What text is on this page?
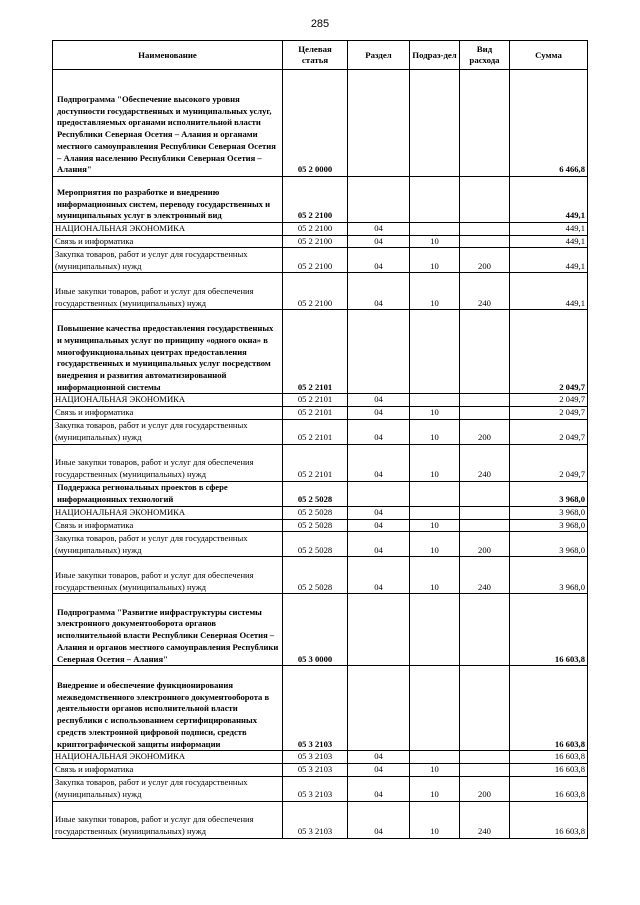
285
Наименование	Целевая статья	Раздел	Подраз-дел	Вид расхода	Сумма
Подпрограмма "Обеспечение высокого уровня доступности государственных и муниципальных услуг, предоставляемых органами исполнительной власти Республики Северная Осетия – Алания и органами местного самоуправления Республики Северная Осетия – Алания населению Республики Северная Осетия – Алания"	05 2 0000				6 466,8
Мероприятия по разработке и внедрению информационных систем, переводу государственных и муниципальных услуг в электронный вид	05 2 2100				449,1
НАЦИОНАЛЬНАЯ ЭКОНОМИКА	05 2 2100	04			449,1
Связь и информатика	05 2 2100	04	10		449,1
Закупка товаров, работ и услуг для государственных (муниципальных) нужд	05 2 2100	04	10	200	449,1
Иные закупки товаров, работ и услуг для обеспечения государственных (муниципальных) нужд	05 2 2100	04	10	240	449,1
Повышение качества предоставления государственных и муниципальных услуг по принципу «одного окна» в многофункциональных центрах предоставления государственных и муниципальных услуг посредством внедрения и развития автоматизированной информационной системы	05 2 2101				2 049,7
НАЦИОНАЛЬНАЯ ЭКОНОМИКА	05 2 2101	04			2 049,7
Связь и информатика	05 2 2101	04	10		2 049,7
Закупка товаров, работ и услуг для государственных (муниципальных) нужд	05 2 2101	04	10	200	2 049,7
Иные закупки товаров, работ и услуг для обеспечения государственных (муниципальных) нужд	05 2 2101	04	10	240	2 049,7
Поддержка региональных проектов в сфере информационных технологий	05 2 5028				3 968,0
НАЦИОНАЛЬНАЯ ЭКОНОМИКА	05 2 5028	04			3 968,0
Связь и информатика	05 2 5028	04	10		3 968,0
Закупка товаров, работ и услуг для государственных (муниципальных) нужд	05 2 5028	04	10	200	3 968,0
Иные закупки товаров, работ и услуг для обеспечения государственных (муниципальных) нужд	05 2 5028	04	10	240	3 968,0
Подпрограмма "Развитие инфраструктуры системы электронного документооборота органов исполнительной власти Республики Северная Осетия – Алания и органов местного самоуправления Республики Северная Осетия – Алания"	05 3 0000				16 603,8
Внедрение и обеспечение функционирования межведомственного электронного документооборота в деятельности органов исполнительной власти республики с использованием сертифицированных средств электронной цифровой подписи, средств криптографической защиты информации	05 3 2103				16 603,8
НАЦИОНАЛЬНАЯ ЭКОНОМИКА	05 3 2103	04			16 603,8
Связь и информатика	05 3 2103	04	10		16 603,8
Закупка товаров, работ и услуг для государственных (муниципальных) нужд	05 3 2103	04	10	200	16 603,8
Иные закупки товаров, работ и услуг для обеспечения государственных (муниципальных) нужд	05 3 2103	04	10	240	16 603,8
